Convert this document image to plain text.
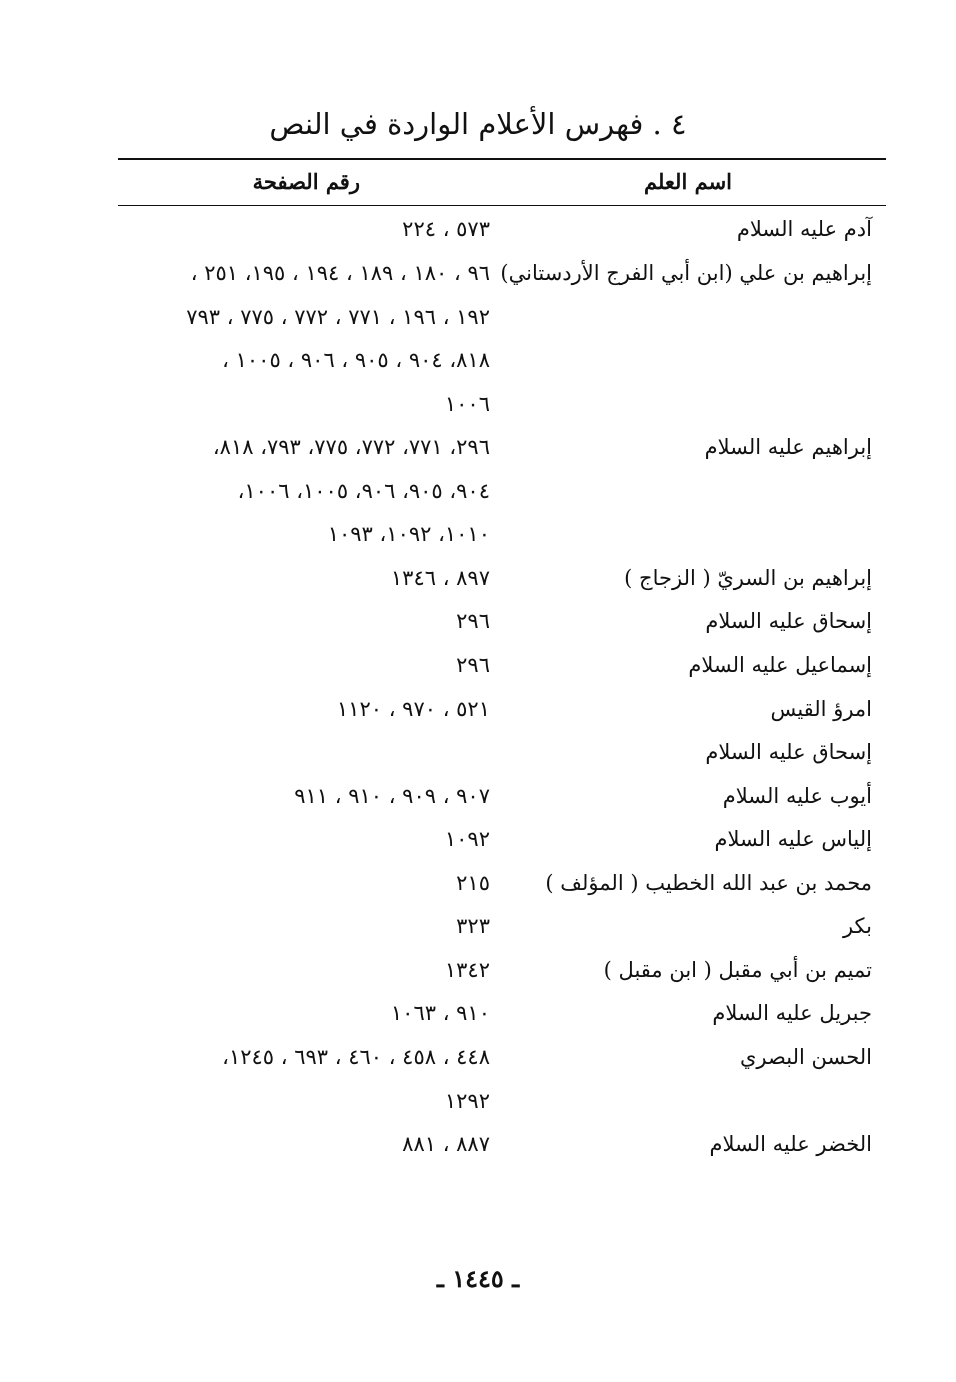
٤ . فهرس الأعلام الواردة في النص
اسم العلم
رقم الصفحة
آدم عليه السلام
٥٧٣ ، ٢٢٤
إبراهيم بن علي (ابن أبي الفرج الأردستاني)
٩٦ ، ١٨٠ ، ١٨٩ ، ١٩٤ ، ١٩٥، ٢٥١ ،
١٩٢ ، ١٩٦ ، ٧٧١ ، ٧٧٢ ، ٧٧٥ ، ٧٩٣
٨١٨، ٩٠٤ ، ٩٠٥ ، ٩٠٦ ، ١٠٠٥ ،
١٠٠٦
إبراهيم عليه السلام
٢٩٦، ٧٧١، ٧٧٢، ٧٧٥، ٧٩٣، ٨١٨،
٩٠٤، ٩٠٥، ٩٠٦، ١٠٠٥، ١٠٠٦،
١٠١٠، ١٠٩٢، ١٠٩٣
إبراهيم بن السريّ ( الزجاج )
٨٩٧ ، ١٣٤٦
إسحاق عليه السلام
٢٩٦
إسماعيل عليه السلام
٢٩٦
امرؤ القيس
٥٢١ ، ٩٧٠ ، ١١٢٠
إسحاق عليه السلام
أيوب عليه السلام
٩٠٧ ، ٩٠٩ ، ٩١٠ ، ٩١١
إلياس عليه السلام
١٠٩٢
محمد بن عبد الله الخطيب ( المؤلف )
٢١٥
بكر
٣٢٣
تميم بن أبي مقبل ( ابن مقبل )
١٣٤٢
جبريل عليه السلام
٩١٠ ، ١٠٦٣
الحسن البصري
٤٤٨ ، ٤٥٨ ، ٤٦٠ ، ٦٩٣ ، ١٢٤٥،
١٢٩٢
الخضر عليه السلام
٨٨٧ ، ٨٨١
ـ ١٤٤٥ ـ
